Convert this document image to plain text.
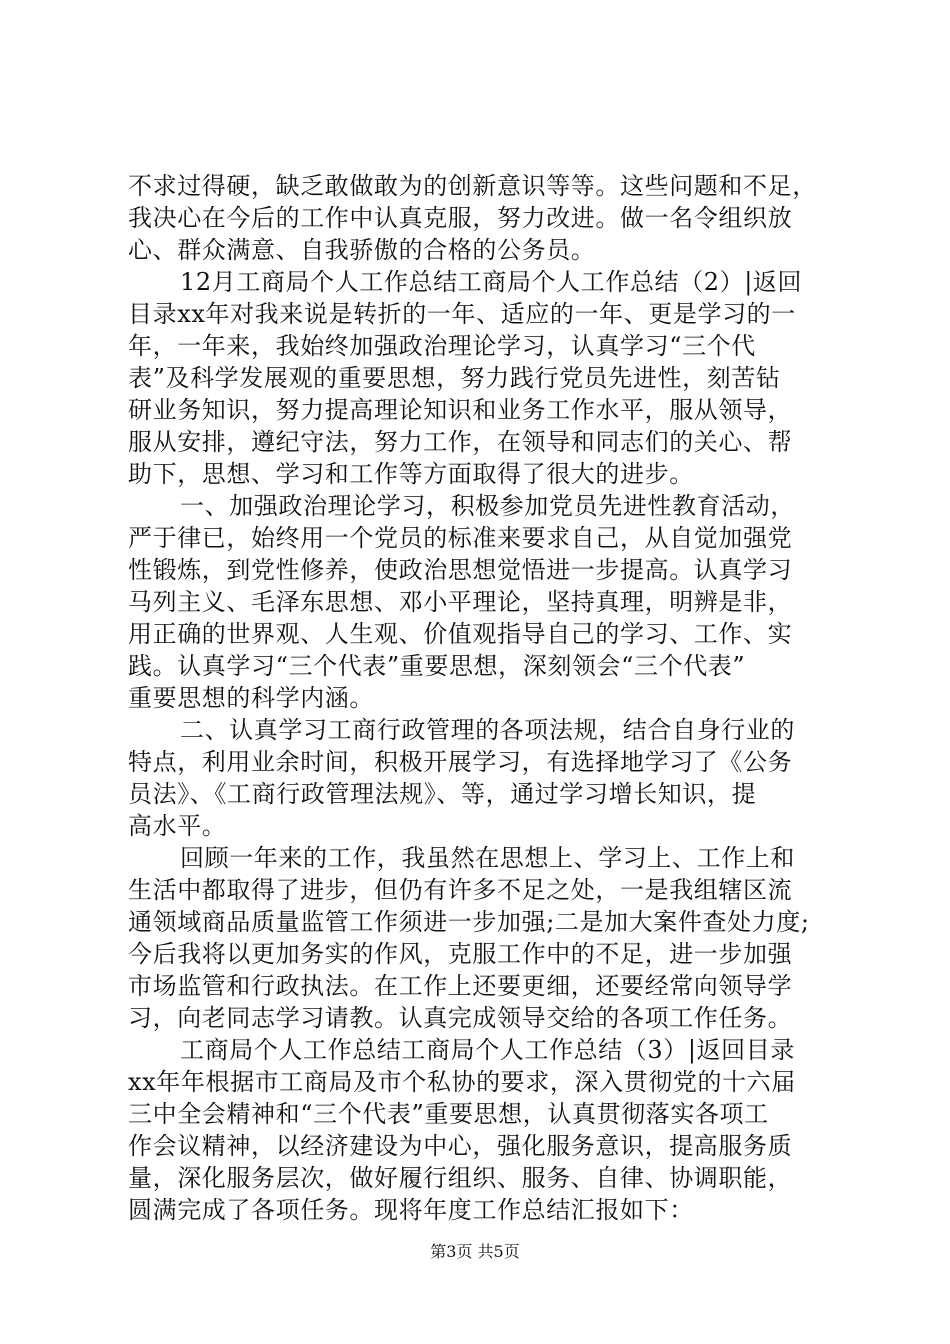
不求过得硬，缺乏敢做敢为的创新意识等等。这些问题和不足，
我决心在今后的工作中认真克服，努力改进。做一名令组织放
心、群众满意、自我骄傲的合格的公务员。
12月工商局个人工作总结工商局个人工作总结（2）|返回
目录xx年对我来说是转折的一年、适应的一年、更是学习的一
年，一年来，我始终加强政治理论学习，认真学习“三个代
表”及科学发展观的重要思想，努力践行党员先进性，刻苦钻
研业务知识，努力提高理论知识和业务工作水平，服从领导，
服从安排，遵纪守法，努力工作，在领导和同志们的关心、帮
助下，思想、学习和工作等方面取得了很大的进步。
一、加强政治理论学习，积极参加党员先进性教育活动，
严于律已，始终用一个党员的标准来要求自己，从自觉加强党
性锻炼，到党性修养，使政治思想觉悟进一步提高。认真学习
马列主义、毛泽东思想、邓小平理论，坚持真理，明辨是非，
用正确的世界观、人生观、价值观指导自己的学习、工作、实
践。认真学习“三个代表”重要思想，深刻领会“三个代表”
重要思想的科学内涵。
二、认真学习工商行政管理的各项法规，结合自身行业的
特点，利用业余时间，积极开展学习，有选择地学习了《公务
员法》、《工商行政管理法规》、等，通过学习增长知识，提
高水平。
回顾一年来的工作，我虽然在思想上、学习上、工作上和
生活中都取得了进步，但仍有许多不足之处，一是我组辖区流
通领域商品质量监管工作须进一步加强;二是加大案件查处力度;
今后我将以更加务实的作风，克服工作中的不足，进一步加强
市场监管和行政执法。在工作上还要更细，还要经常向领导学
习，向老同志学习请教。认真完成领导交给的各项工作任务。
工商局个人工作总结工商局个人工作总结（3）|返回目录
xx年年根据市工商局及市个私协的要求，深入贯彻党的十六届
三中全会精神和“三个代表”重要思想，认真贯彻落实各项工
作会议精神，以经济建设为中心，强化服务意识，提高服务质
量，深化服务层次，做好履行组织、服务、自律、协调职能，
圆满完成了各项任务。现将年度工作总结汇报如下：
第3页 共5页
